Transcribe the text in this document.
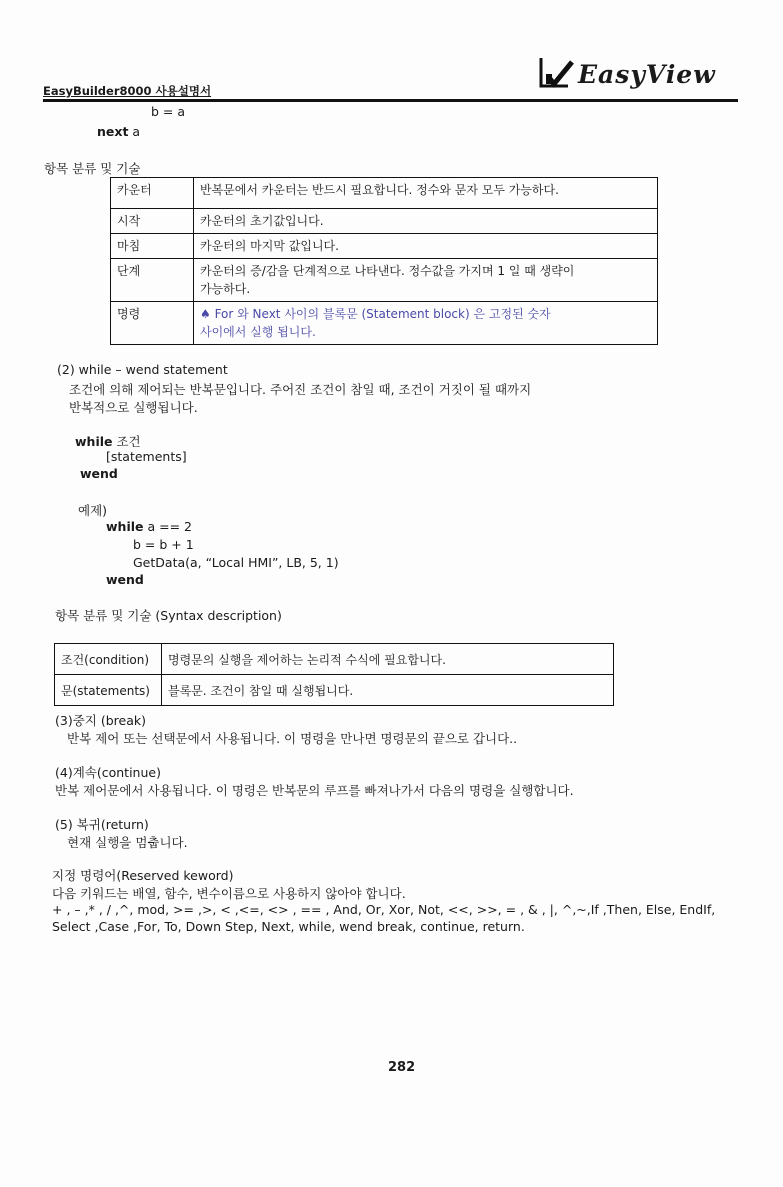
EasyBuilder8000 사용설명서
EasyView
b = a
next a
항목 분류 및 기술
카운터	반복문에서 카운터는 반드시 필요합니다. 정수와 문자 모두 가능하다.
시작	카운터의 초기값입니다.
마침	카운터의 마지막 값입니다.
단계	카운터의 증/감을 단계적으로 나타낸다. 정수값을 가지며 1 일 때 생략이
가능하다.

명령	♠ For 와 Next 사이의 블록문 (Statement block) 은 고정된 숫자
사이에서 실행 됩니다.
(2) while – wend statement
조건에 의해 제어되는 반복문입니다. 주어진 조건이 참일 때, 조건이 거짓이 될 때까지
반복적으로 실행됩니다.
while 조건
[statements]
wend
예제)
while a == 2
b = b + 1
GetData(a, “Local HMI”, LB, 5, 1)
wend
항목 분류 및 기술 (Syntax description)
조건(condition)	명령문의 실행을 제어하는 논리적 수식에 필요합니다.
문(statements)	블록문. 조건이 참일 때 실행됩니다.
(3)중지 (break)
반복 제어 또는 선택문에서 사용됩니다. 이 명령을 만나면 명령문의 끝으로 갑니다..
(4)계속(continue)
반복 제어문에서 사용됩니다. 이 명령은 반복문의 루프를 빠져나가서 다음의 명령을 실행합니다.
(5) 복귀(return)
현재 실행을 멈춥니다.
지정 명령어(Reserved keword)
다음 키워드는 배열, 함수, 변수이름으로 사용하지 않아야 합니다.
+ , – ,* , / ,^, mod, >= ,>, < ,<=, <> , == , And, Or, Xor, Not, <<, >>, = , & , |, ^,~,If ,Then, Else, EndIf,
Select ,Case ,For, To, Down Step, Next, while, wend break, continue, return.
282
